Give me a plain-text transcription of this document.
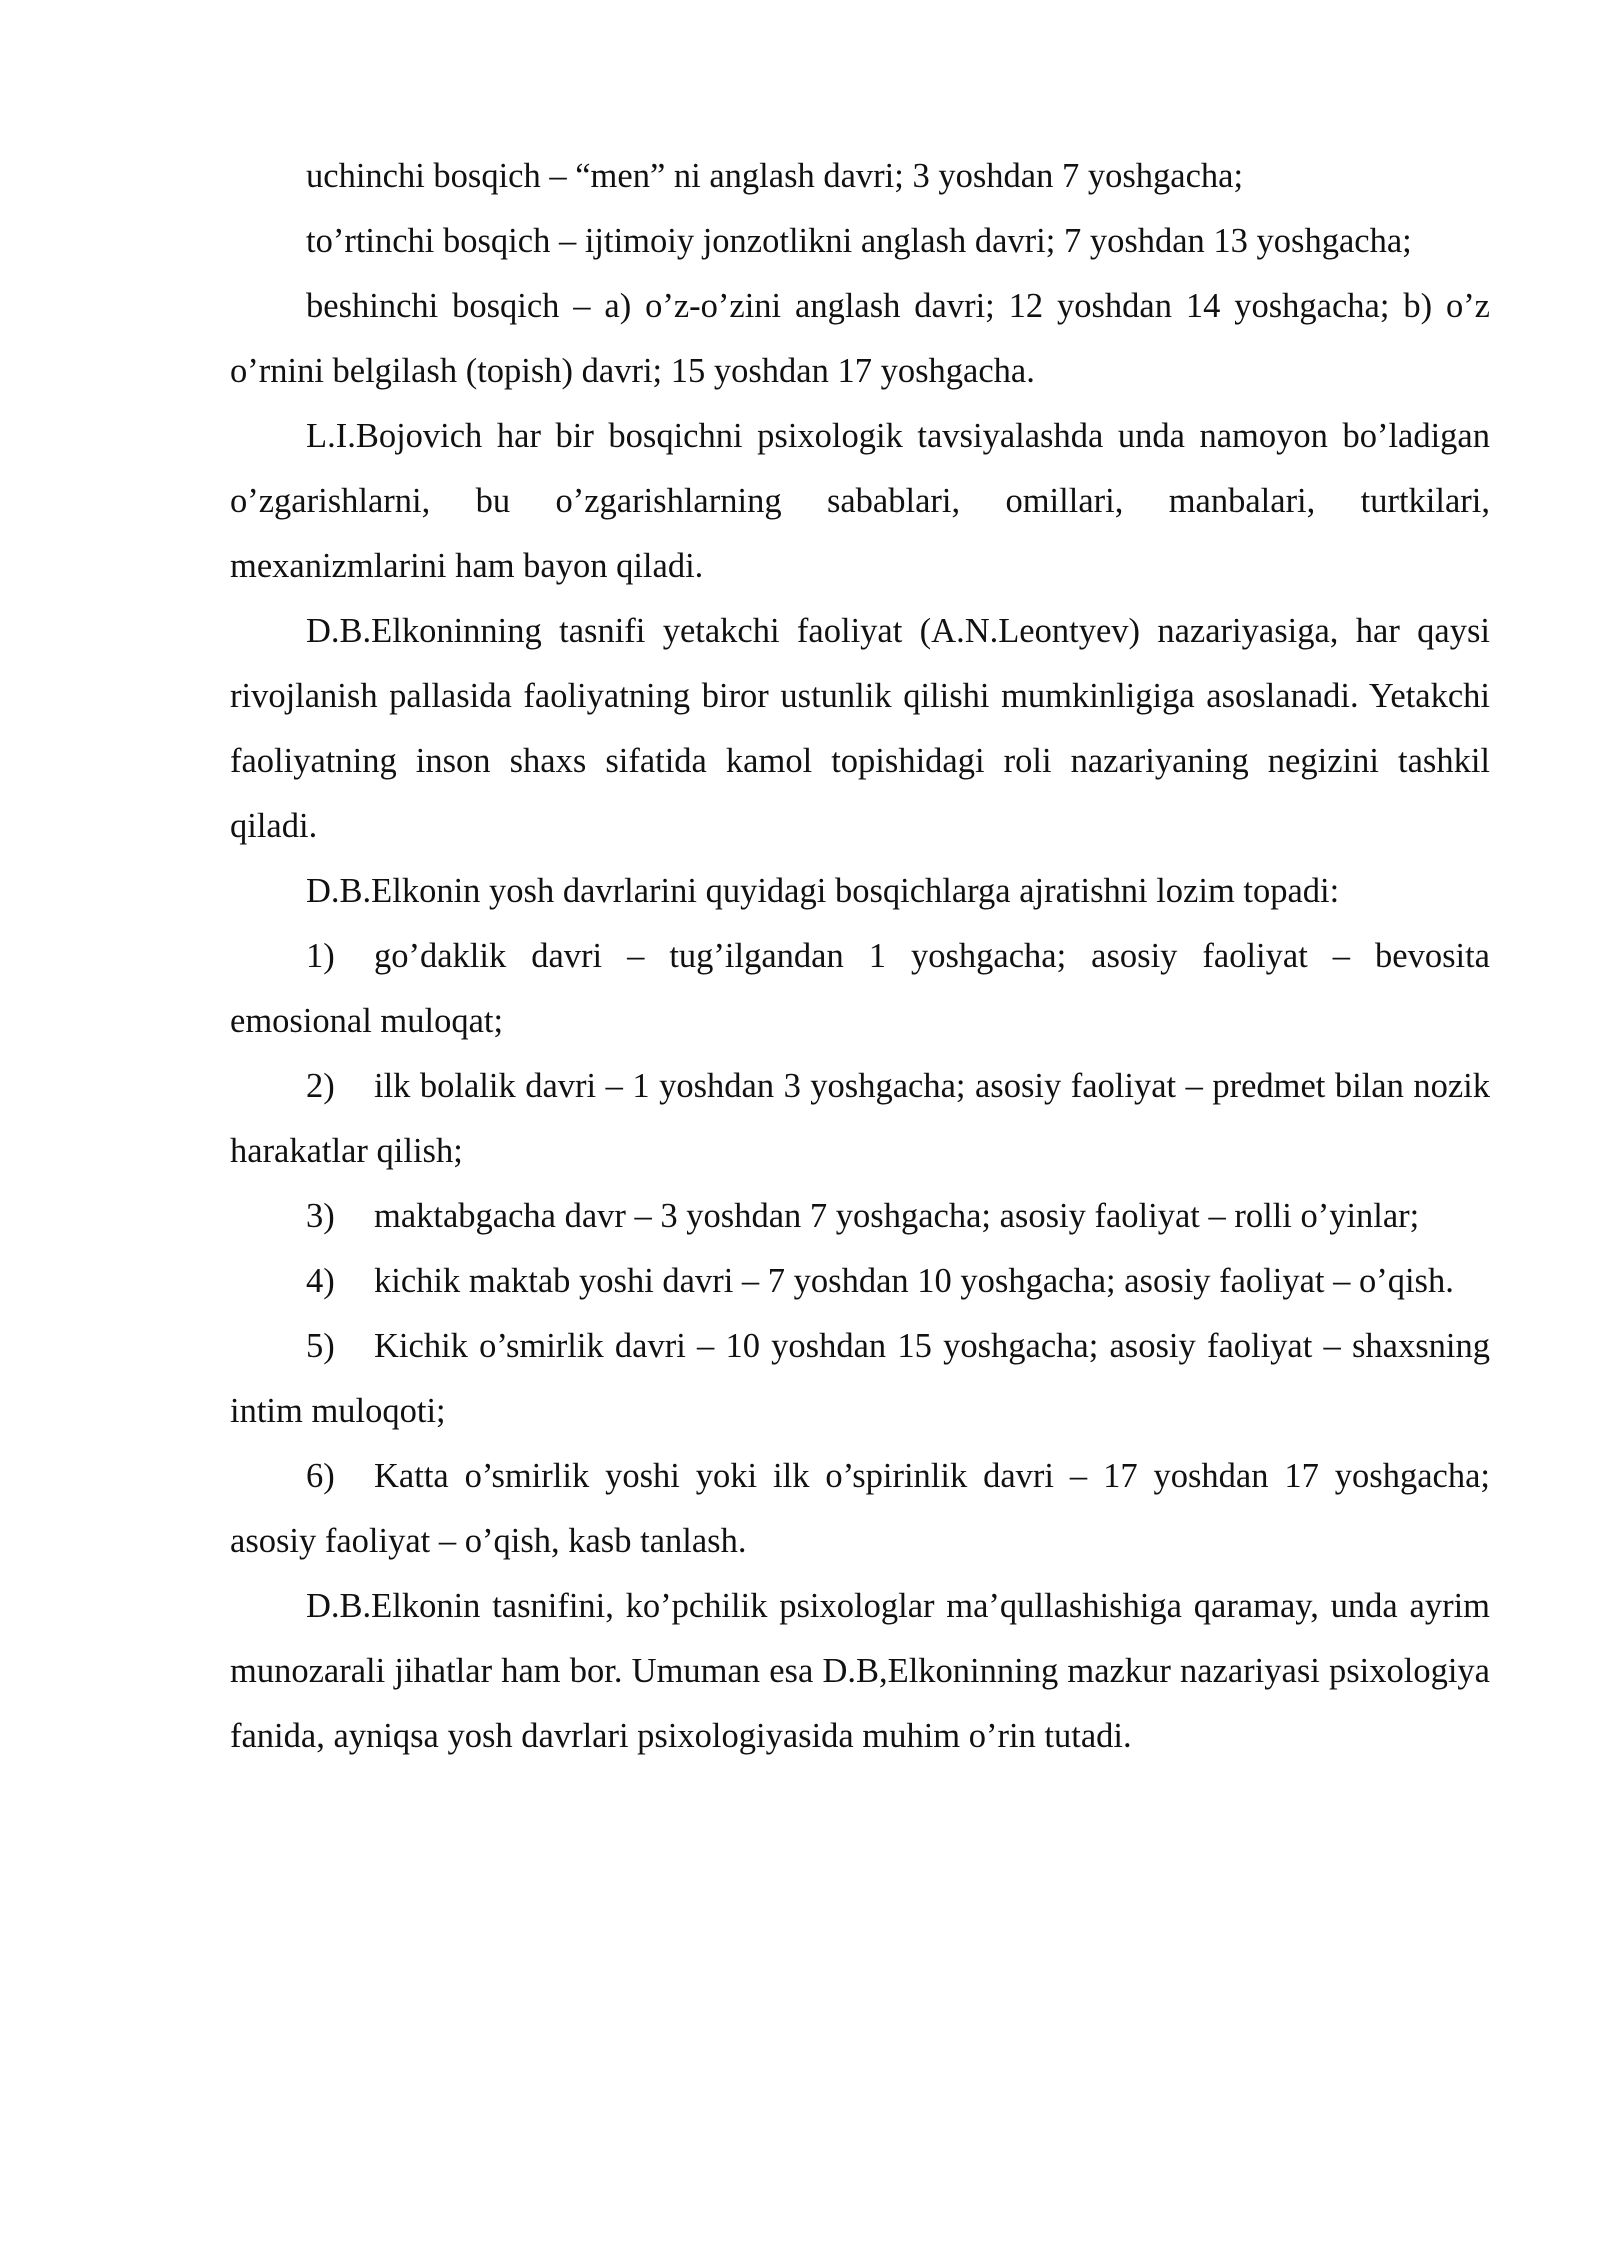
uchinchi bosqich – “men” ni anglash davri; 3 yoshdan 7 yoshgacha;

to’rtinchi bosqich – ijtimoiy jonzotlikni anglash davri; 7 yoshdan 13 yoshgacha;

beshinchi bosqich – a) o’z-o’zini anglash davri; 12 yoshdan 14 yoshgacha; b) o’z o’rnini belgilash (topish) davri; 15 yoshdan 17 yoshgacha.

L.I.Bojovich har bir bosqichni psixologik tavsiyalashda unda namoyon bo’ladigan o’zgarishlarni, bu o’zgarishlarning sabablari, omillari, manbalari, turtkilari, mexanizmlarini ham bayon qiladi.

D.B.Elkoninning tasnifi yetakchi faoliyat (A.N.Leontyev) nazariyasiga, har qaysi rivojlanish pallasida faoliyatning biror ustunlik qilishi mumkinligiga asoslanadi. Yetakchi faoliyatning inson shaxs sifatida kamol topishidagi roli nazariyaning negizini tashkil qiladi.

D.B.Elkonin yosh davrlarini quyidagi bosqichlarga ajratishni lozim topadi:

1) go’daklik davri – tug’ilgandan 1 yoshgacha; asosiy faoliyat – bevosita emosional muloqat;

2) ilk bolalik davri – 1 yoshdan 3 yoshgacha; asosiy faoliyat – predmet bilan nozik harakatlar qilish;

3) maktabgacha davr – 3 yoshdan 7 yoshgacha; asosiy faoliyat – rolli o’yinlar;

4) kichik maktab yoshi davri – 7 yoshdan 10 yoshgacha; asosiy faoliyat – o’qish.

5) Kichik o’smirlik davri – 10 yoshdan 15 yoshgacha; asosiy faoliyat – shaxsning intim muloqoti;

6) Katta o’smirlik yoshi yoki ilk o’spirinlik davri – 17 yoshdan 17 yoshgacha; asosiy faoliyat – o’qish, kasb tanlash.

D.B.Elkonin tasnifini, ko’pchilik psixologlar ma’qullashishiga qaramay, unda ayrim munozarali jihatlar ham bor. Umuman esa D.B,Elkoninning mazkur nazariyasi psixologiya fanida, ayniqsa yosh davrlari psixologiyasida muhim o’rin tutadi.
